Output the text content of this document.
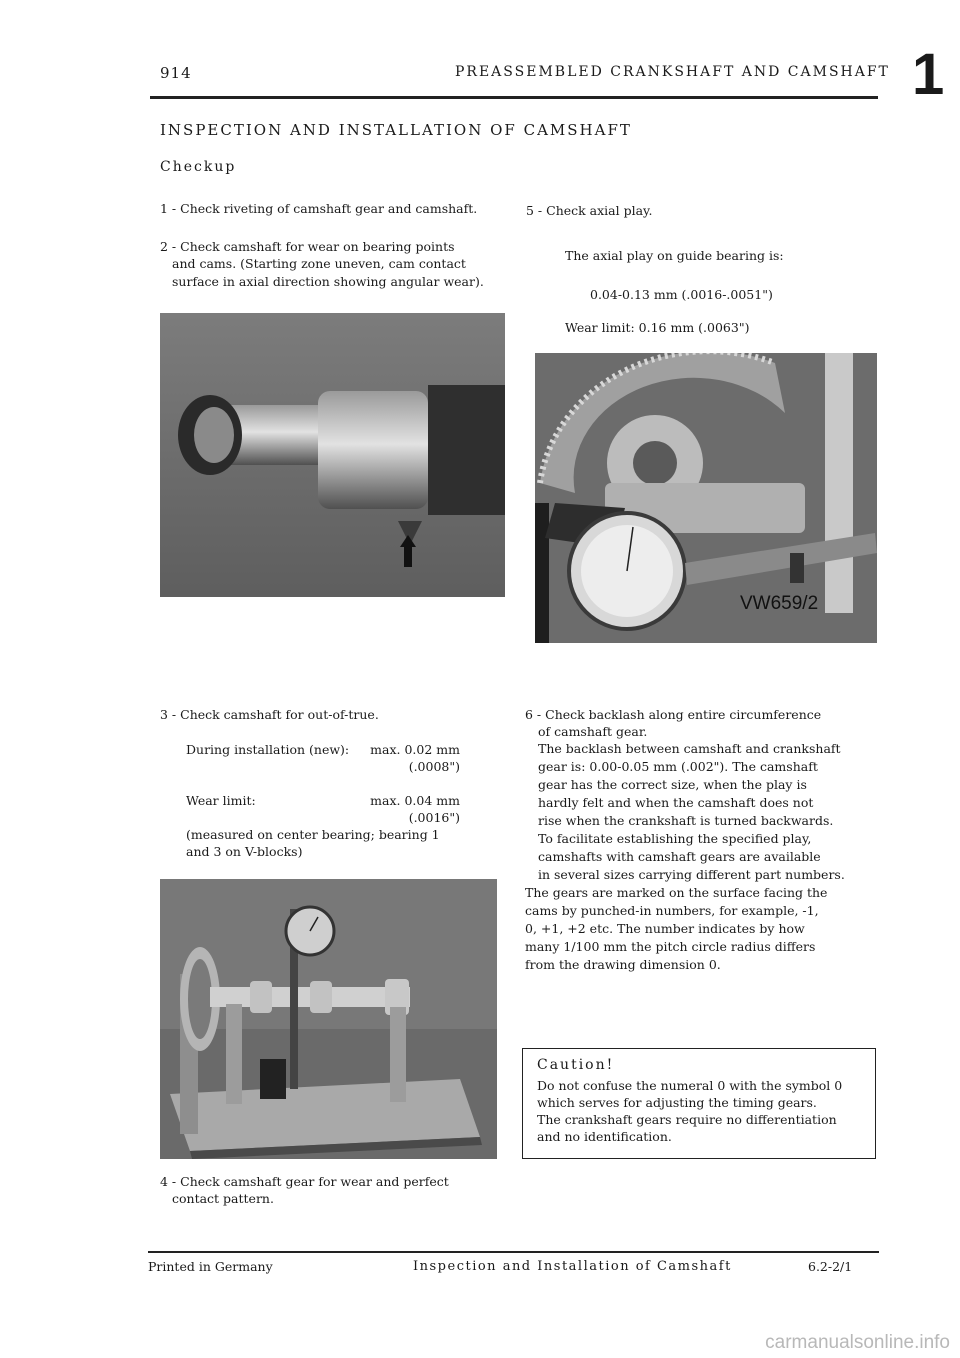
914	PREASSEMBLED CRANKSHAFT AND CAMSHAFT 1
INSPECTION AND INSTALLATION OF CAMSHAFT
Checkup
1 - Check riveting of camshaft gear and camshaft.
2 - Check camshaft for wear on bearing points
and cams. (Starting zone uneven, cam contact
surface in axial direction showing angular wear).
3 - Check camshaft for out-of-true.
During installation (new):	max. 0.02 mm
(.0008")
Wear limit:	max. 0.04 mm
(.0016")
(measured on center bearing; bearing 1
and 3 on V-blocks)
4 - Check camshaft gear for wear and perfect
contact pattern.
5 - Check axial play.
The axial play on guide bearing is:
0.04-0.13 mm (.0016-.0051")
Wear limit: 0.16 mm (.0063")
VW659/2
6 - Check backlash along entire circumference
of camshaft gear.
The backlash between camshaft and crankshaft
gear is: 0.00-0.05 mm (.002"). The camshaft
gear has the correct size, when the play is
hardly felt and when the camshaft does not
rise when the crankshaft is turned backwards.
To facilitate establishing the specified play,
camshafts with camshaft gears are available
in several sizes carrying different part numbers.
The gears are marked on the surface facing the
cams by punched-in numbers, for example, -1,
0, +1, +2 etc. The number indicates by how
many 1/100 mm the pitch circle radius differs
from the drawing dimension 0.
Caution!
Do not confuse the numeral 0 with the symbol 0
which serves for adjusting the timing gears.
The crankshaft gears require no differentiation
and no identification.
Printed in Germany	Inspection and Installation of Camshaft	6.2-2/1
carmanualsonline.info
